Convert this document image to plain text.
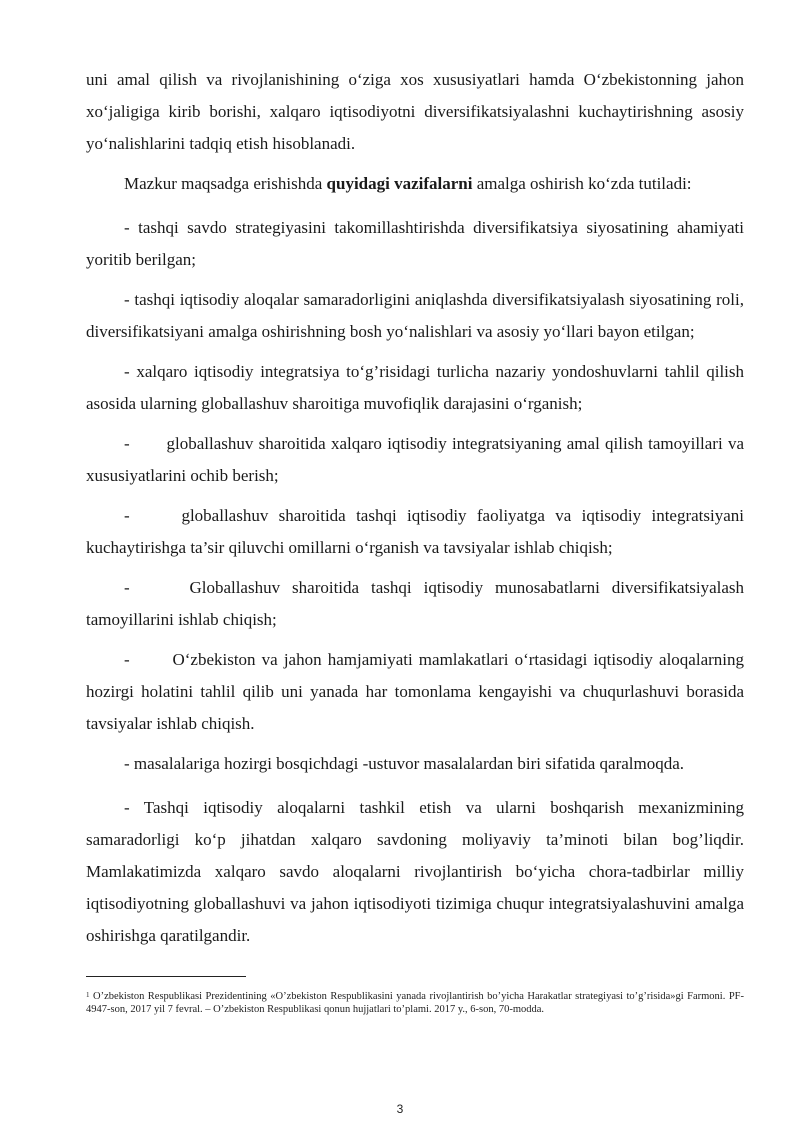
uni amal qilish va rivojlanishining o‘ziga xos xususiyatlari hamda O‘zbekistonning jahon xo‘jaligiga kirib borishi, xalqaro iqtisodiyotni diversifikatsiyalashni kuchaytirishning asosiy yo‘nalishlarini tadqiq etish hisoblanadi.

Mazkur maqsadga erishishda quyidagi vazifalarni amalga oshirish ko‘zda tutiladi:

- tashqi savdo strategiyasini takomillashtirishda diversifikatsiya siyosatining ahamiyati yoritib berilgan;

- tashqi iqtisodiy aloqalar samaradorligini aniqlashda diversifikatsiyalash siyosatining roli, diversifikatsiyani amalga oshirishning bosh yo‘nalishlari va asosiy yo‘llari bayon etilgan;

- xalqaro iqtisodiy integratsiya to‘g’risidagi turlicha nazariy yondoshuvlarni tahlil qilish asosida ularning globallashuv sharoitiga muvofiqlik darajasini o‘rganish;

- globallashuv sharoitida xalqaro iqtisodiy integratsiyaning amal qilish tamoyillari va xususiyatlarini ochib berish;

-	globallashuv sharoitida tashqi iqtisodiy faoliyatga va iqtisodiy integratsiyani kuchaytirishga ta’sir qiluvchi omillarni o‘rganish va tavsiyalar ishlab chiqish;

-	Globallashuv sharoitida tashqi iqtisodiy munosabatlarni diversifikatsiyalash tamoyillarini ishlab chiqish;

-	O‘zbekiston va jahon hamjamiyati mamlakatlari o‘rtasidagi iqtisodiy aloqalarning hozirgi holatini tahlil qilib uni yanada har tomonlama kengayishi va chuqurlashuvi borasida tavsiyalar ishlab chiqish.

- masalalariga hozirgi bosqichdagi -ustuvor masalalardan biri sifatida qaralmoqda.

- Tashqi iqtisodiy aloqalarni tashkil etish va ularni boshqarish mexanizmining samaradorligi ko‘p jihatdan xalqaro savdoning moliyaviy ta’minoti bilan bog’liqdir. Mamlakatimizda xalqaro savdo aloqalarni rivojlantirish bo‘yicha chora-tadbirlar milliy iqtisodiyotning globallashuvi va jahon iqtisodiyoti tizimiga chuqur integratsiyalashuvini amalga oshirishga qaratilgandir.

$^1$ O’zbekiston Respublikasi Prezidentining «O’zbekiston Respublikasini yanada rivojlantirish bo’yicha Harakatlar strategiyasi to’g’risida»gi Farmoni. PF-4947-son, 2017 yil 7 fevral. – O’zbekiston Respublikasi qonun hujjatlari to’plami. 2017 y., 6-son, 70-modda.
3
